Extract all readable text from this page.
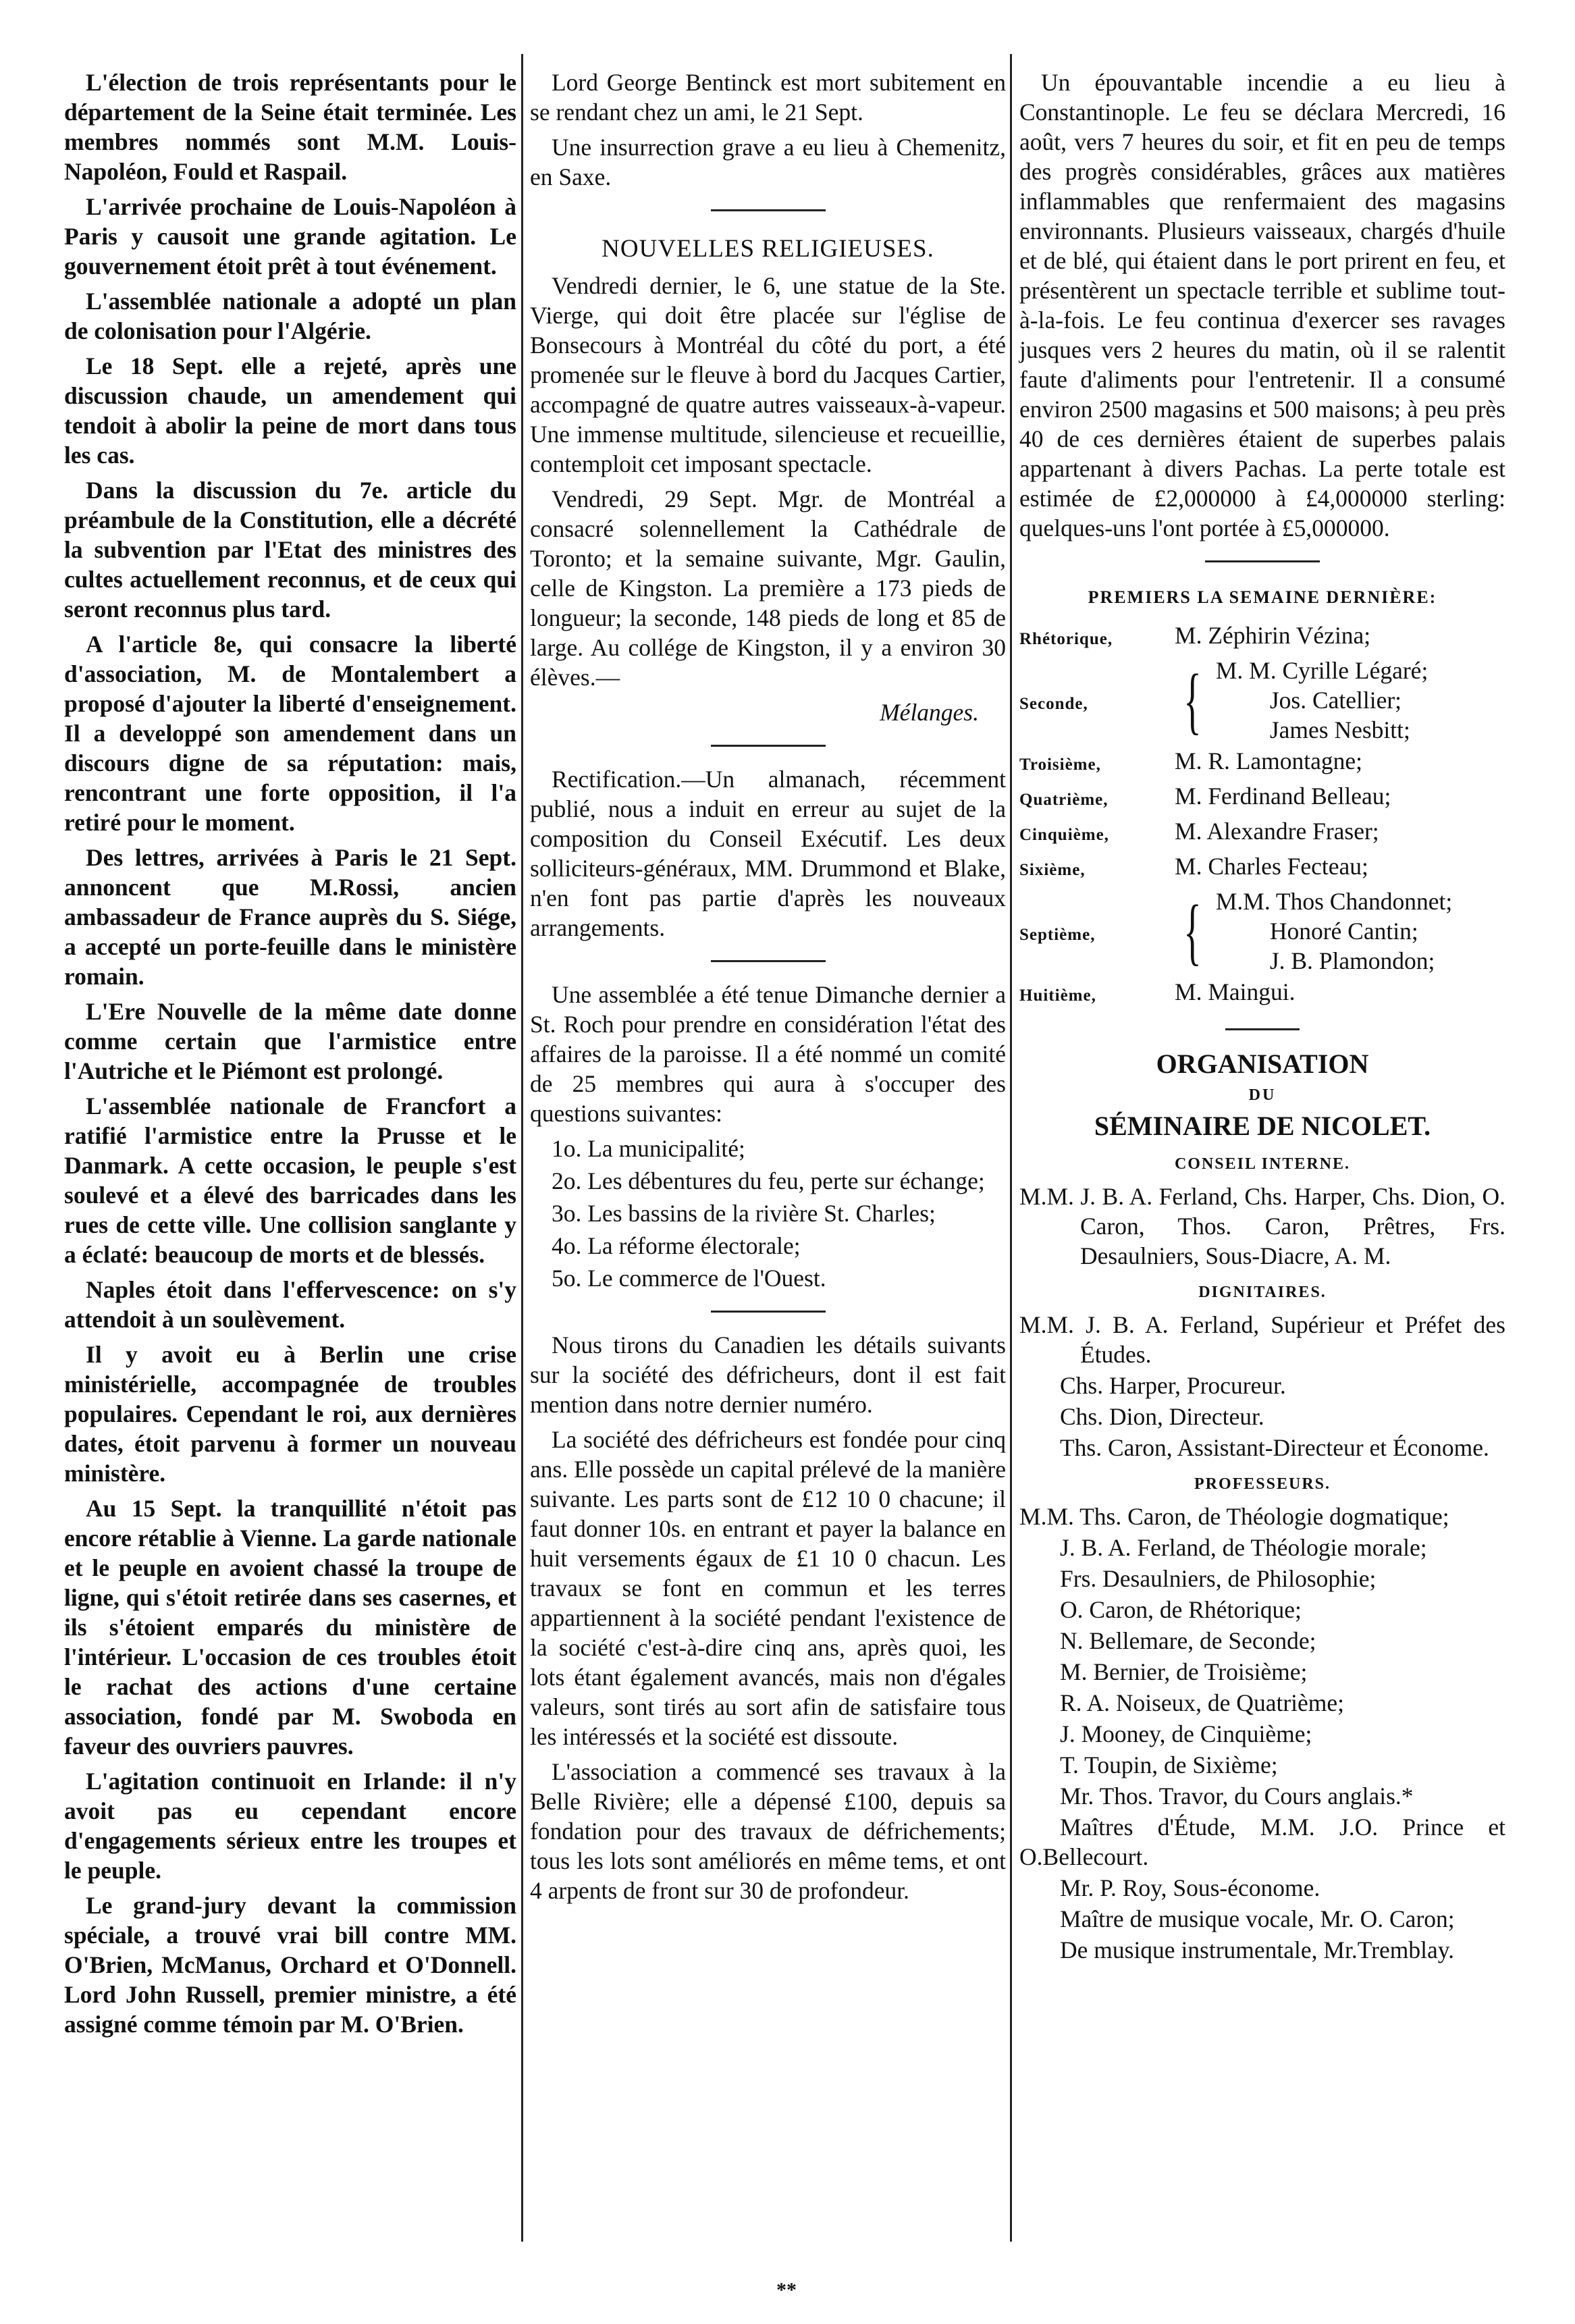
L'élection de trois représentants pour le département de la Seine était terminée. Les membres nommés sont M.M. Louis-Napoléon, Fould et Raspail.

L'arrivée prochaine de Louis-Napoléon à Paris y causoit une grande agitation. Le gouvernement étoit prêt à tout événement.

L'assemblée nationale a adopté un plan de colonisation pour l'Algérie.

Le 18 Sept. elle a rejeté, après une discussion chaude, un amendement qui tendoit à abolir la peine de mort dans tous les cas.

Dans la discussion du 7e. article du préambule de la Constitution, elle a décrété la subvention par l'Etat des ministres des cultes actuellement reconnus, et de ceux qui seront reconnus plus tard.

A l'article 8e, qui consacre la liberté d'association, M. de Montalembert a proposé d'ajouter la liberté d'enseignement. Il a developpé son amendement dans un discours digne de sa réputation: mais, rencontrant une forte opposition, il l'a retiré pour le moment.

Des lettres, arrivées à Paris le 21 Sept. annoncent que M.Rossi, ancien ambassadeur de France auprès du S. Siége, a accepté un porte-feuille dans le ministère romain.

L'Ere Nouvelle de la même date donne comme certain que l'armistice entre l'Autriche et le Piémont est prolongé.

L'assemblée nationale de Francfort a ratifié l'armistice entre la Prusse et le Danmark. A cette occasion, le peuple s'est soulevé et a élevé des barricades dans les rues de cette ville. Une collision sanglante y a éclaté: beaucoup de morts et de blessés.

Naples étoit dans l'effervescence: on s'y attendoit à un soulèvement.

Il y avoit eu à Berlin une crise ministérielle, accompagnée de troubles populaires. Cependant le roi, aux dernières dates, étoit parvenu à former un nouveau ministère.

Au 15 Sept. la tranquillité n'étoit pas encore rétablie à Vienne. La garde nationale et le peuple en avoient chassé la troupe de ligne, qui s'étoit retirée dans ses casernes, et ils s'étoient emparés du ministère de l'intérieur. L'occasion de ces troubles étoit le rachat des actions d'une certaine association, fondé par M. Swoboda en faveur des ouvriers pauvres.

L'agitation continuoit en Irlande: il n'y avoit pas eu cependant encore d'engagements sérieux entre les troupes et le peuple.

Le grand-jury devant la commission spéciale, a trouvé vrai bill contre MM. O'Brien, McManus, Orchard et O'Donnell. Lord John Russell, premier ministre, a été assigné comme témoin par M. O'Brien.

Lord George Bentinck est mort subitement en se rendant chez un ami, le 21 Sept.

Une insurrection grave a eu lieu à Chemenitz, en Saxe.

NOUVELLES RELIGIEUSES.

Vendredi dernier, le 6, une statue de la Ste. Vierge, qui doit être placée sur l'église de Bonsecours à Montréal du côté du port, a été promenée sur le fleuve à bord du Jacques Cartier, accompagné de quatre autres vaisseaux-à-vapeur. Une immense multitude, silencieuse et recueillie, contemploit cet imposant spectacle.

Vendredi, 29 Sept. Mgr. de Montréal a consacré solennellement la Cathédrale de Toronto; et la semaine suivante, Mgr. Gaulin, celle de Kingston. La première a 173 pieds de longueur; la seconde, 148 pieds de long et 85 de large. Au collége de Kingston, il y a environ 30 élèves.—

Mélanges.

Rectification.—Un almanach, récemment publié, nous a induit en erreur au sujet de la composition du Conseil Exécutif. Les deux solliciteurs-généraux, MM. Drummond et Blake, n'en font pas partie d'après les nouveaux arrangements.

Une assemblée a été tenue Dimanche dernier a St. Roch pour prendre en considération l'état des affaires de la paroisse. Il a été nommé un comité de 25 membres qui aura à s'occuper des questions suivantes:

1o. La municipalité;

2o. Les débentures du feu, perte sur échange;

3o. Les bassins de la rivière St. Charles;

4o. La réforme électorale;

5o. Le commerce de l'Ouest.

Nous tirons du Canadien les détails suivants sur la société des défricheurs, dont il est fait mention dans notre dernier numéro.

La société des défricheurs est fondée pour cinq ans. Elle possède un capital prélevé de la manière suivante. Les parts sont de £12 10 0 chacune; il faut donner 10s. en entrant et payer la balance en huit versements égaux de £1 10 0 chacun. Les travaux se font en commun et les terres appartiennent à la société pendant l'existence de la société c'est-à-dire cinq ans, après quoi, les lots étant également avancés, mais non d'égales valeurs, sont tirés au sort afin de satisfaire tous les intéressés et la société est dissoute.

L'association a commencé ses travaux à la Belle Rivière; elle a dépensé £100, depuis sa fondation pour des travaux de défrichements; tous les lots sont améliorés en même tems, et ont 4 arpents de front sur 30 de profondeur.

Un épouvantable incendie a eu lieu à Constantinople. Le feu se déclara Mercredi, 16 août, vers 7 heures du soir, et fit en peu de temps des progrès considérables, grâces aux matières inflammables que renfermaient des magasins environnants. Plusieurs vaisseaux, chargés d'huile et de blé, qui étaient dans le port prirent en feu, et présentèrent un spectacle terrible et sublime tout-à-la-fois. Le feu continua d'exercer ses ravages jusques vers 2 heures du matin, où il se ralentit faute d'aliments pour l'entretenir. Il a consumé environ 2500 magasins et 500 maisons; à peu près 40 de ces dernières étaient de superbes palais appartenant à divers Pachas. La perte totale est estimée de £2,000000 à £4,000000 sterling: quelques-uns l'ont portée à £5,000000.

PREMIERS LA SEMAINE DERNIÈRE:
Rhétorique,	M. Zéphirin Vézina;
Seconde,	{ M. M. Cyrille Légaré;
Jos. Catellier;
James Nesbitt;
Troisième,	M. R. Lamontagne;
Quatrième,	M. Ferdinand Belleau;
Cinquième,	M. Alexandre Fraser;
Sixième,	M. Charles Fecteau;
Septième,	{ M.M. Thos Chandonnet;
Honoré Cantin;
J. B. Plamondon;
Huitième,	M. Maingui.
ORGANISATION
DU
SÉMINAIRE DE NICOLET.
CONSEIL INTERNE.

M.M. J. B. A. Ferland, Chs. Harper, Chs. Dion, O. Caron, Thos. Caron, Prêtres, Frs. Desaulniers, Sous-Diacre, A. M.

DIGNITAIRES.

M.M. J. B. A. Ferland, Supérieur et Préfet des Études.

Chs. Harper, Procureur.

Chs. Dion, Directeur.

Ths. Caron, Assistant-Directeur et Économe.

PROFESSEURS.

M.M. Ths. Caron, de Théologie dogmatique;

J. B. A. Ferland, de Théologie morale;

Frs. Desaulniers, de Philosophie;

O. Caron, de Rhétorique;

N. Bellemare, de Seconde;

M. Bernier, de Troisième;

R. A. Noiseux, de Quatrième;

J. Mooney, de Cinquième;

T. Toupin, de Sixième;

Mr. Thos. Travor, du Cours anglais.*

Maîtres d'Étude, M.M. J.O. Prince et O.Bellecourt.

Mr. P. Roy, Sous-économe.

Maître de musique vocale, Mr. O. Caron;

De musique instrumentale, Mr.Tremblay.

**
